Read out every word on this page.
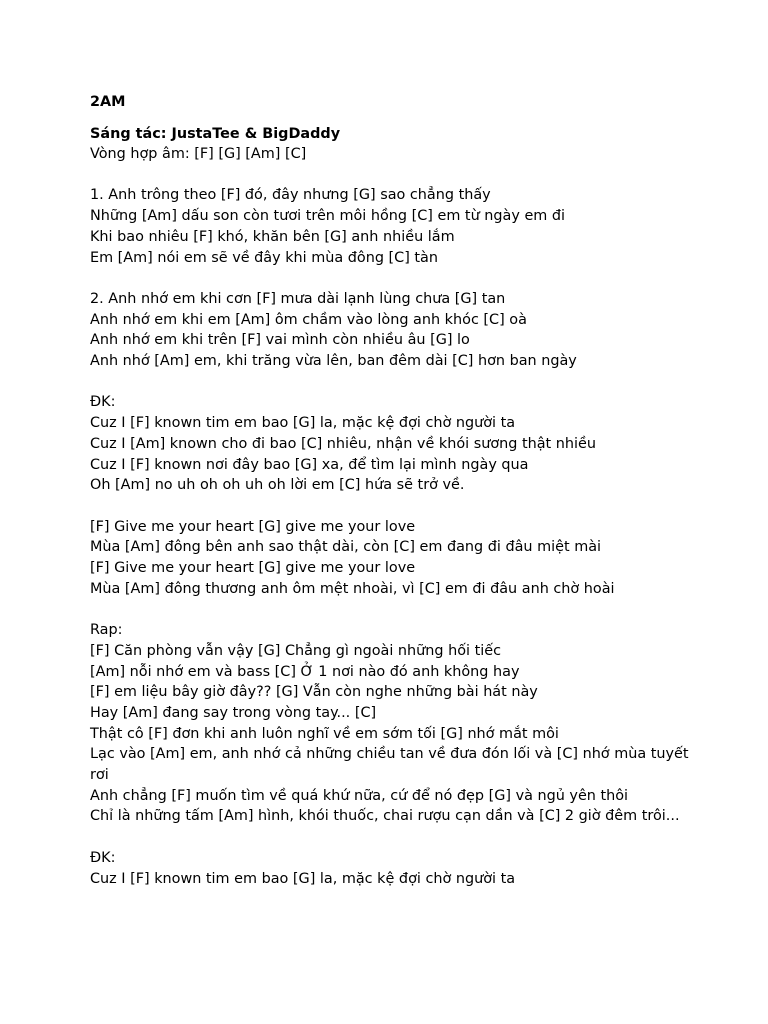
2AM

Sáng tác: JustaTee & BigDaddy

Vòng hợp âm: [F] [G] [Am] [C]

1. Anh trông theo [F] đó, đây nhưng [G] sao chẳng thấy

Những [Am] dấu son còn tươi trên môi hồng [C] em từ ngày em đi

Khi bao nhiêu [F] khó, khăn bên [G] anh nhiều lắm

Em [Am] nói em sẽ về đây khi mùa đông [C] tàn

2. Anh nhớ em khi cơn [F] mưa dài lạnh lùng chưa [G] tan

Anh nhớ em khi em [Am] ôm chầm vào lòng anh khóc [C] oà

Anh nhớ em khi trên [F] vai mình còn nhiều âu [G] lo

Anh nhớ [Am] em, khi trăng vừa lên, ban đêm dài [C] hơn ban ngày

ĐK:

Cuz I [F] known tim em bao [G] la, mặc kệ đợi chờ người ta

Cuz I [Am] known cho đi bao [C] nhiêu, nhận về khói sương thật nhiều

Cuz I [F] known nơi đây bao [G] xa, để tìm lại mình ngày qua

Oh [Am] no uh oh oh uh oh lời em [C] hứa sẽ trở về.

[F] Give me your heart [G] give me your love

Mùa [Am] đông bên anh sao thật dài, còn [C] em đang đi đâu miệt mài

[F] Give me your heart [G] give me your love

Mùa [Am] đông thương anh ôm mệt nhoài, vì [C] em đi đâu anh chờ hoài

Rap:

[F] Căn phòng vẫn vậy [G] Chẳng gì ngoài những hối tiếc

[Am] nỗi nhớ em và bass [C] Ở 1 nơi nào đó anh không hay

[F] em liệu bây giờ đây?? [G] Vẫn còn nghe những bài hát này

Hay [Am] đang say trong vòng tay... [C]

Thật cô [F] đơn khi anh luôn nghĩ về em sớm tối [G] nhớ mắt môi

Lạc vào [Am] em, anh nhớ cả những chiều tan về đưa đón lối và [C] nhớ mùa tuyết rơi

Anh chẳng [F] muốn tìm về quá khứ nữa, cứ để nó đẹp [G] và ngủ yên thôi

Chỉ là những tấm [Am] hình, khói thuốc, chai rượu cạn dần và [C] 2 giờ đêm trôi...

ĐK:

Cuz I [F] known tim em bao [G] la, mặc kệ đợi chờ người ta
